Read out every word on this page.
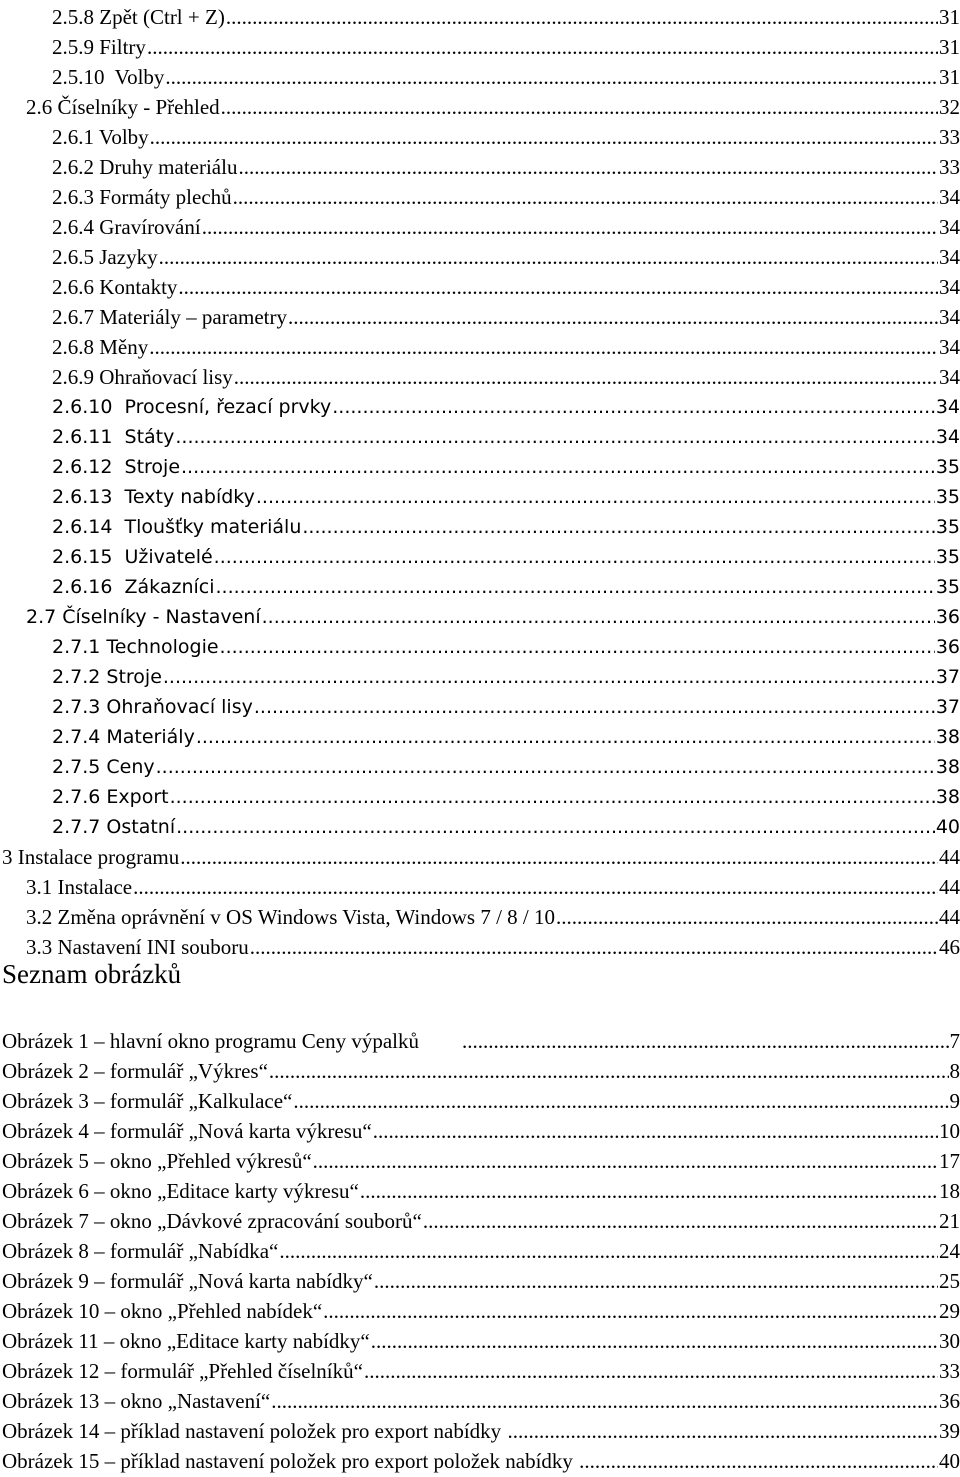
2.5.8 Zpět (Ctrl + Z) .....	31
2.5.9 Filtry .....	31
2.5.10  Volby .....	31
2.6 Číselníky - Přehled .....	32
2.6.1 Volby .....	33
2.6.2 Druhy materiálu .....	33
2.6.3 Formáty plechů .....	34
2.6.4 Gravírování .....	34
2.6.5 Jazyky .....	34
2.6.6 Kontakty .....	34
2.6.7 Materiály – parametry .....	34
2.6.8 Měny .....	34
2.6.9 Ohraňovací lisy .....	34
2.6.10  Procesní, řezací prvky .....	34
2.6.11  Státy .....	34
2.6.12  Stroje .....	35
2.6.13  Texty nabídky .....	35
2.6.14  Tloušťky materiálu .....	35
2.6.15  Uživatelé .....	35
2.6.16  Zákazníci .....	35
2.7 Číselníky - Nastavení .....	36
2.7.1 Technologie .....	36
2.7.2 Stroje .....	37
2.7.3 Ohraňovací lisy .....	37
2.7.4 Materiály .....	38
2.7.5 Ceny .....	38
2.7.6 Export .....	38
2.7.7 Ostatní .....	40
3 Instalace programu .....	44
3.1 Instalace .....	44
3.2 Změna oprávnění v OS Windows Vista, Windows 7 / 8 / 10 .....	44
3.3 Nastavení INI souboru .....	46
Seznam obrázků
Obrázek 1 – hlavní okno programu Ceny výpalků .....	7
Obrázek 2 – formulář „Výkres“ .....	8
Obrázek 3 – formulář „Kalkulace“ .....	9
Obrázek 4 – formulář „Nová karta výkresu“ .....	10
Obrázek 5 – okno „Přehled výkresů“ .....	17
Obrázek 6 – okno „Editace karty výkresu“ .....	18
Obrázek 7 – okno „Dávkové zpracování souborů“ .....	21
Obrázek 8 – formulář „Nabídka“ .....	24
Obrázek 9 – formulář „Nová karta nabídky“ .....	25
Obrázek 10 – okno „Přehled nabídek“ .....	29
Obrázek 11 – okno „Editace karty nabídky“ .....	30
Obrázek 12 – formulář „Přehled číselníků“ .....	33
Obrázek 13 – okno „Nastavení“ .....	36
Obrázek 14 – příklad nastavení položek pro export nabídky .....	39
Obrázek 15 – příklad nastavení položek pro export položek nabídky .....	40
